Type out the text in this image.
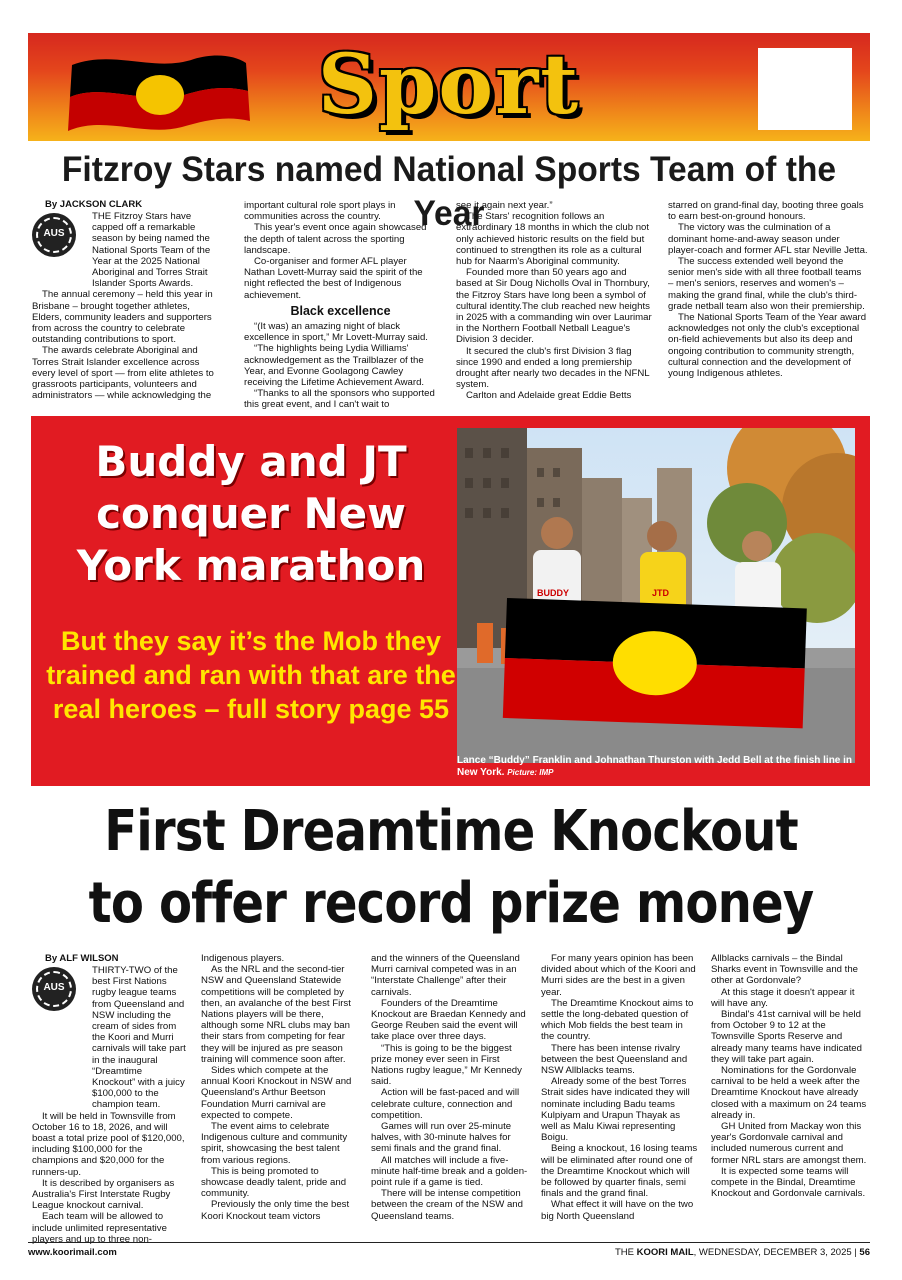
Sport
Fitzroy Stars named National Sports Team of the Year
By JACKSON CLARK
AUS

THE Fitzroy Stars have capped off a remarkable season by being named the National Sports Team of the Year at the 2025 National Aboriginal and Torres Strait Islander Sports Awards.

The annual ceremony – held this year in Brisbane – brought together athletes, Elders, community leaders and supporters from across the country to celebrate outstanding contributions to sport.

The awards celebrate Aboriginal and Torres Strait Islander excellence across every level of sport — from elite athletes to grassroots participants, volunteers and administrators — while acknowledging the

important cultural role sport plays in communities across the country.

This year's event once again showcased the depth of talent across the sporting landscape.

Co-organiser and former AFL player Nathan Lovett-Murray said the spirit of the night reflected the best of Indigenous achievement.

Black excellence

“(It was) an amazing night of black excellence in sport,” Mr Lovett-Murray said.

“The highlights being Lydia Williams' acknowledgement as the Trailblazer of the Year, and Evonne Goolagong Cawley receiving the Lifetime Achievement Award.

“Thanks to all the sponsors who supported this great event, and I can't wait to

see it again next year.”

The Stars' recognition follows an extraordinary 18 months in which the club not only achieved historic results on the field but continued to strengthen its role as a cultural hub for Naarm's Aboriginal community.

Founded more than 50 years ago and based at Sir Doug Nicholls Oval in Thornbury, the Fitzroy Stars have long been a symbol of cultural identity.The club reached new heights in 2025 with a commanding win over Laurimar in the Northern Football Netball League's Division 3 decider.

It secured the club's first Division 3 flag since 1990 and ended a long premiership drought after nearly two decades in the NFNL system.

Carlton and Adelaide great Eddie Betts

starred on grand-final day, booting three goals to earn best-on-ground honours.

The victory was the culmination of a dominant home-and-away season under player-coach and former AFL star Neville Jetta.

The success extended well beyond the senior men's side with all three football teams – men's seniors, reserves and women's – making the grand final, while the club's third-grade netball team also won their premiership.

The National Sports Team of the Year award acknowledges not only the club's exceptional on-field achievements but also its deep and ongoing contribution to community strength, cultural connection and the development of young Indigenous athletes.

Buddy and JT conquer New York marathon
But they say it’s the Mob they trained and ran with that are the real heroes – full story page 55
BUDDY	JTD
Lance “Buddy” Franklin and Johnathan Thurston with Jedd Bell at the finish line in New York. Picture: IMP
First Dreamtime Knockout
to offer record prize money
By ALF WILSON
AUS

THIRTY-TWO of the best First Nations rugby league teams from Queensland and NSW including the cream of sides from the Koori and Murri carnivals will take part in the inaugural “Dreamtime Knockout” with a juicy $100,000 to the champion team.

It will be held in Townsville from October 16 to 18, 2026, and will boast a total prize pool of $120,000, including $100,000 for the champions and $20,000 for the runners-up.

It is described by organisers as Australia's First Interstate Rugby League knockout carnival.

Each team will be allowed to include unlimited representative players and up to three non-

Indigenous players.

As the NRL and the second-tier NSW and Queensland Statewide competitions will be completed by then, an avalanche of the best First Nations players will be there, although some NRL clubs may ban their stars from competing for fear they will be injured as pre season training will commence soon after.

Sides which compete at the annual Koori Knockout in NSW and Queensland's Arthur Beetson Foundation Murri carnival are expected to compete.

The event aims to celebrate Indigenous culture and community spirit, showcasing the best talent from various regions.

This is being promoted to showcase deadly talent, pride and community.

Previously the only time the best Koori Knockout team victors

and the winners of the Queensland Murri carnival competed was in an “Interstate Challenge” after their carnivals.

Founders of the Dreamtime Knockout are Braedan Kennedy and George Reuben said the event will take place over three days.

“This is going to be the biggest prize money ever seen in First Nations rugby league,” Mr Kennedy said.

Action will be fast-paced and will celebrate culture, connection and competition.

Games will run over 25-minute halves, with 30-minute halves for semi finals and the grand final.

All matches will include a five-minute half-time break and a golden-point rule if a game is tied.

There will be intense competition between the cream of the NSW and Queensland teams.

For many years opinion has been divided about which of the Koori and Murri sides are the best in a given year.

The Dreamtime Knockout aims to settle the long-debated question of which Mob fields the best team in the country.

There has been intense rivalry between the best Queensland and NSW Allblacks teams.

Already some of the best Torres Strait sides have indicated they will nominate including Badu teams Kulpiyam and Urapun Thayak as well as Malu Kiwai representing Boigu.

Being a knockout, 16 losing teams will be eliminated after round one of the Dreamtime Knockout which will be followed by quarter finals, semi finals and the grand final.

What effect it will have on the two big North Queensland

Allblacks carnivals – the Bindal Sharks event in Townsville and the other at Gordonvale?

At this stage it doesn't appear it will have any.

Bindal's 41st carnival will be held from October 9 to 12 at the Townsville Sports Reserve and already many teams have indicated they will take part again.

Nominations for the Gordonvale carnival to be held a week after the Dreamtime Knockout have already closed with a maximum on 24 teams already in.

GH United from Mackay won this year's Gordonvale carnival and included numerous current and former NRL stars are amongst them.

It is expected some teams will compete in the Bindal, Dreamtime Knockout and Gordonvale carnivals.

www.koorimail.com	THE KOORI MAIL, WEDNESDAY, DECEMBER 3, 2025 | 56
